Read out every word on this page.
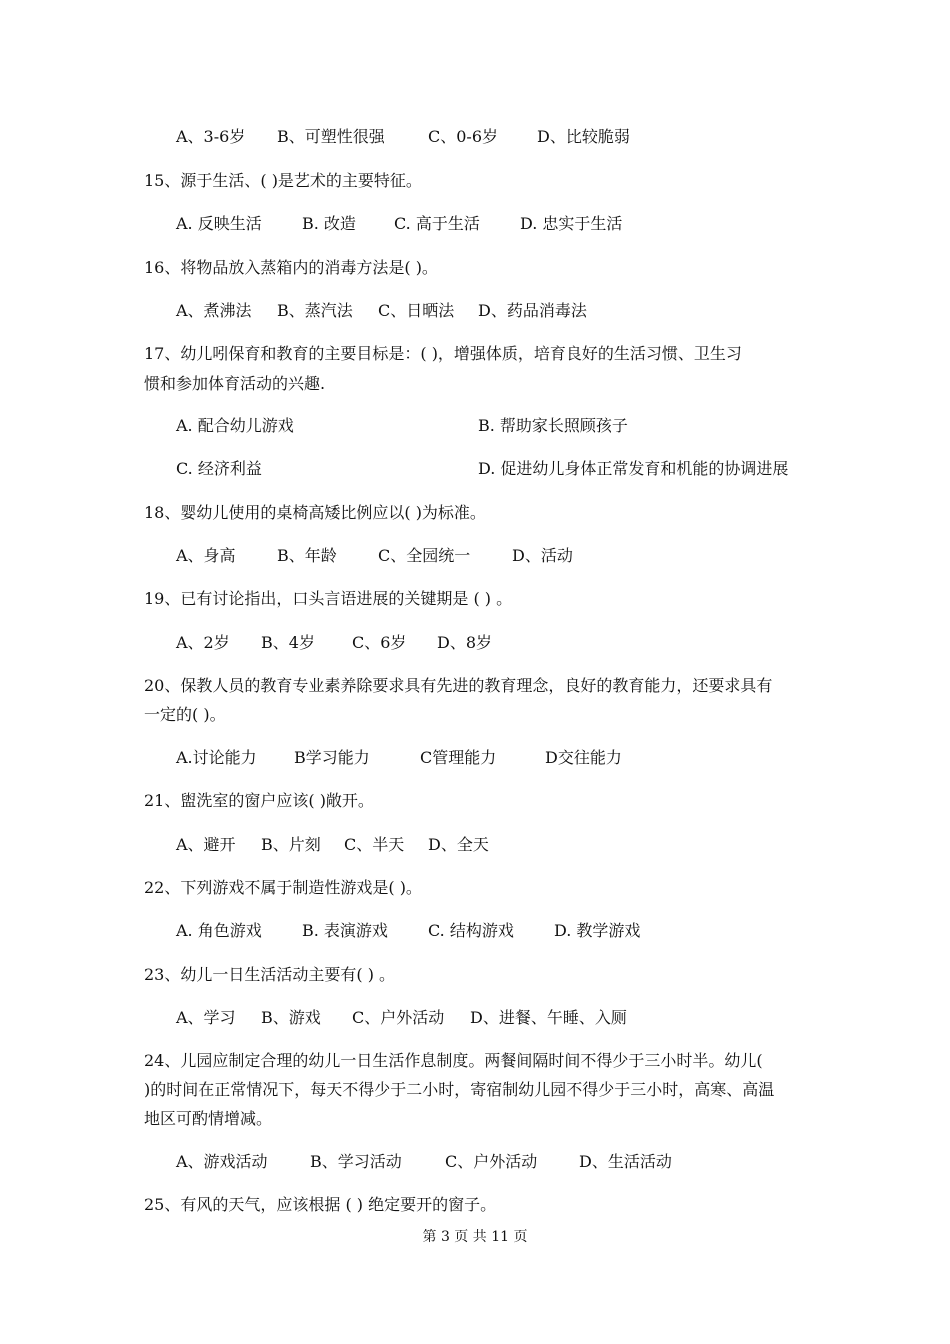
A、3-6岁 B、可塑性很强	C、0-6岁 D、比较脆弱
15、源于生活、( )是艺术的主要特征。
A. 反映生活	B. 改造 C. 高于生活	D. 忠实于生活
16、将物品放入蒸箱内的消毒方法是( )。
A、煮沸法 B、蒸汽法 C、日晒法 D、药品消毒法
17、幼儿吲保育和教育的主要目标是：( )，增强体质，培育良好的生活习惯、卫生习
惯和参加体育活动的兴趣.
A. 配合幼儿游戏	B. 帮助家长照顾孩子
C. 经济利益	D. 促进幼儿身体正常发育和机能的协调进展
18、婴幼儿使用的桌椅高矮比例应以( )为标准。
A、身高	B、年龄	C、全园统一	D、活动
19、已有讨论指出，口头言语进展的关键期是 ( ) 。
A、2岁 B、4岁 C、6岁 D、8岁
20、保教人员的教育专业素养除要求具有先进的教育理念，良好的教育能力，还要求具有
一定的( )。
A.讨论能力 B学习能力	C管理能力	D交往能力
21、盥洗室的窗户应该( )敞开。
A、避开 B、片刻 C、半天 D、全天
22、下列游戏不属于制造性游戏是( )。
A. 角色游戏	B. 表演游戏	C. 结构游戏	D. 教学游戏
23、幼儿一日生活活动主要有( ) 。
A、学习 B、游戏 C、户外活动 D、进餐、午睡、入厕
24、儿园应制定合理的幼儿一日生活作息制度。两餐间隔时间不得少于三小时半。幼儿(
)的时间在正常情况下，每天不得少于二小时，寄宿制幼儿园不得少于三小时，高寒、高温
地区可酌情增减。
A、游戏活动	B、学习活动	C、户外活动	D、生活活动
25、有风的天气，应该根据 ( ) 绝定要开的窗子。
第 3 页 共 11 页
